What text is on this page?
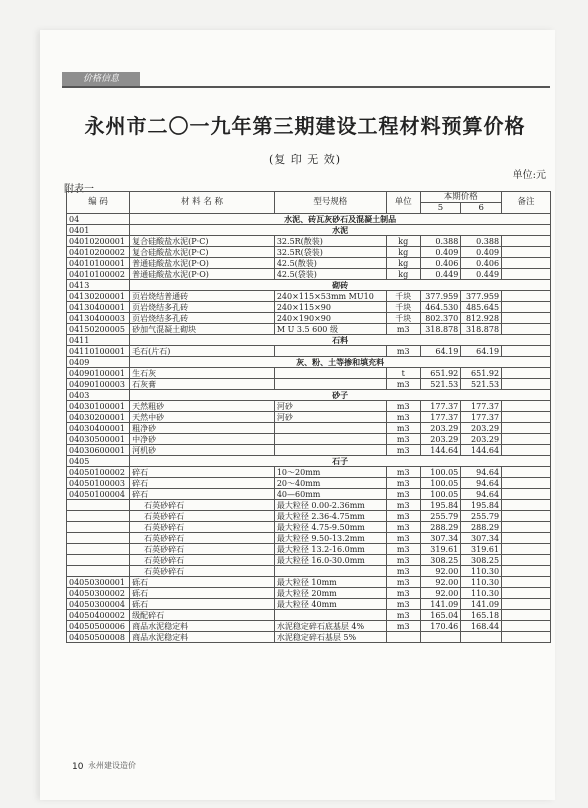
价格信息
永州市二〇一九年第三期建设工程材料预算价格
(复 印 无 效)
单位:元
附表一
编 码	材 料 名 称	型号规格	单位	本期价格		备注
				5	6	
04	水泥、砖瓦灰砂石及混凝土制品					
0401	水泥					
04010200001	复合硅酸盐水泥(P·C)	32.5R(散装)	kg	0.388	0.388	
04010200002	复合硅酸盐水泥(P·C)	32.5R(袋装)	kg	0.409	0.409	
04010100001	普通硅酸盐水泥(P·O)	42.5(散装)	kg	0.406	0.406	
04010100002	普通硅酸盐水泥(P·O)	42.5(袋装)	kg	0.449	0.449	
0413	砌砖					
04130200001	页岩烧结普通砖	240×115×53mm MU10	千块	377.959	377.959	
04130400001	页岩烧结多孔砖	240×115×90	千块	464.530	485.645	
04130400003	页岩烧结多孔砖	240×190×90	千块	802.370	812.928	
04150200005	砂加气混凝土砌块	M U 3.5 600 级	m3	318.878	318.878	
0411	石料					
04110100001	毛石(片石)		m3	64.19	64.19	
0409	灰、粉、土等掺和填充料					
04090100001	生石灰		t	651.92	651.92	
04090100003	石灰膏		m3	521.53	521.53	
0403	砂子					
04030100001	天然粗砂	河砂	m3	177.37	177.37	
04030200001	天然中砂	河砂	m3	177.37	177.37	
04030400001	粗净砂		m3	203.29	203.29	
04030500001	中净砂		m3	203.29	203.29	
04030600001	河机砂		m3	144.64	144.64	
0405	石子					
04050100002	碎石	10～20mm	m3	100.05	94.64	
04050100003	碎石	20～40mm	m3	100.05	94.64	
04050100004	碎石	40—60mm	m3	100.05	94.64	
	石英砂碎石	最大粒径 0.00-2.36mm	m3	195.84	195.84	
	石英砂碎石	最大粒径 2.36-4.75mm	m3	255.79	255.79	
	石英砂碎石	最大粒径 4.75-9.50mm	m3	288.29	288.29	
	石英砂碎石	最大粒径 9.50-13.2mm	m3	307.34	307.34	
	石英砂碎石	最大粒径 13.2-16.0mm	m3	319.61	319.61	
	石英砂碎石	最大粒径 16.0-30.0mm	m3	308.25	308.25	
	石英砂碎石		m3	92.00	110.30	
04050300001	砾石	最大粒径 10mm	m3	92.00	110.30	
04050300002	砾石	最大粒径 20mm	m3	92.00	110.30	
04050300004	砾石	最大粒径 40mm	m3	141.09	141.09	
04050400002	级配碎石		m3	165.04	165.18	
04050500006	商品水泥稳定料	水泥稳定碎石底基层 4%	m3	170.46	168.44	
04050500008	商品水泥稳定料	水泥稳定碎石基层 5%				
10 永州建设造价
